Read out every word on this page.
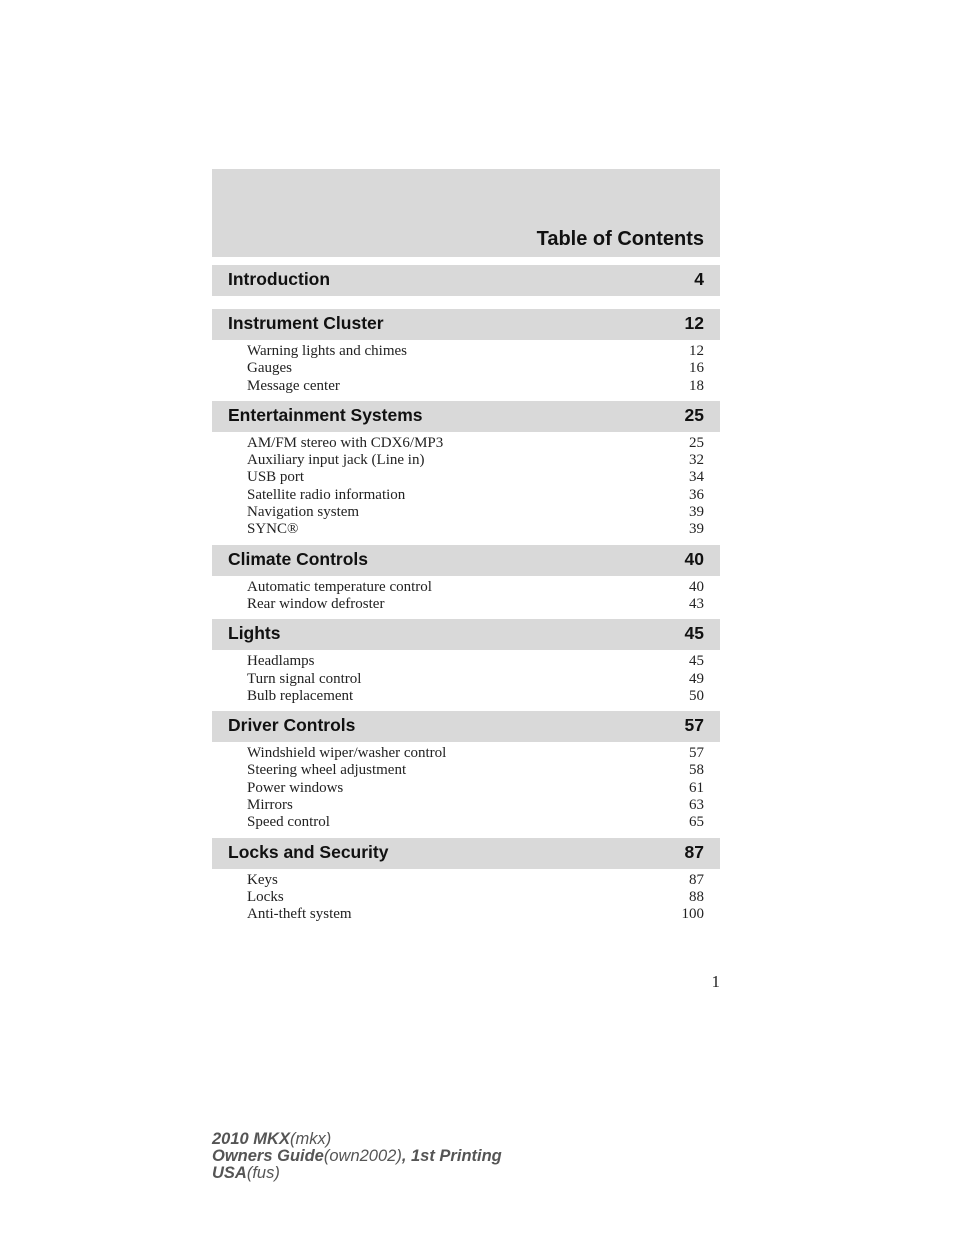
Table of Contents
Introduction	4
Instrument Cluster	12
Warning lights and chimes	12
Gauges	16
Message center	18
Entertainment Systems	25
AM/FM stereo with CDX6/MP3	25
Auxiliary input jack (Line in)	32
USB port	34
Satellite radio information	36
Navigation system	39
SYNC®	39
Climate Controls	40
Automatic temperature control	40
Rear window defroster	43
Lights	45
Headlamps	45
Turn signal control	49
Bulb replacement	50
Driver Controls	57
Windshield wiper/washer control	57
Steering wheel adjustment	58
Power windows	61
Mirrors	63
Speed control	65
Locks and Security	87
Keys	87
Locks	88
Anti-theft system	100
1
2010 MKX(mkx)
Owners Guide(own2002), 1st Printing
USA(fus)
